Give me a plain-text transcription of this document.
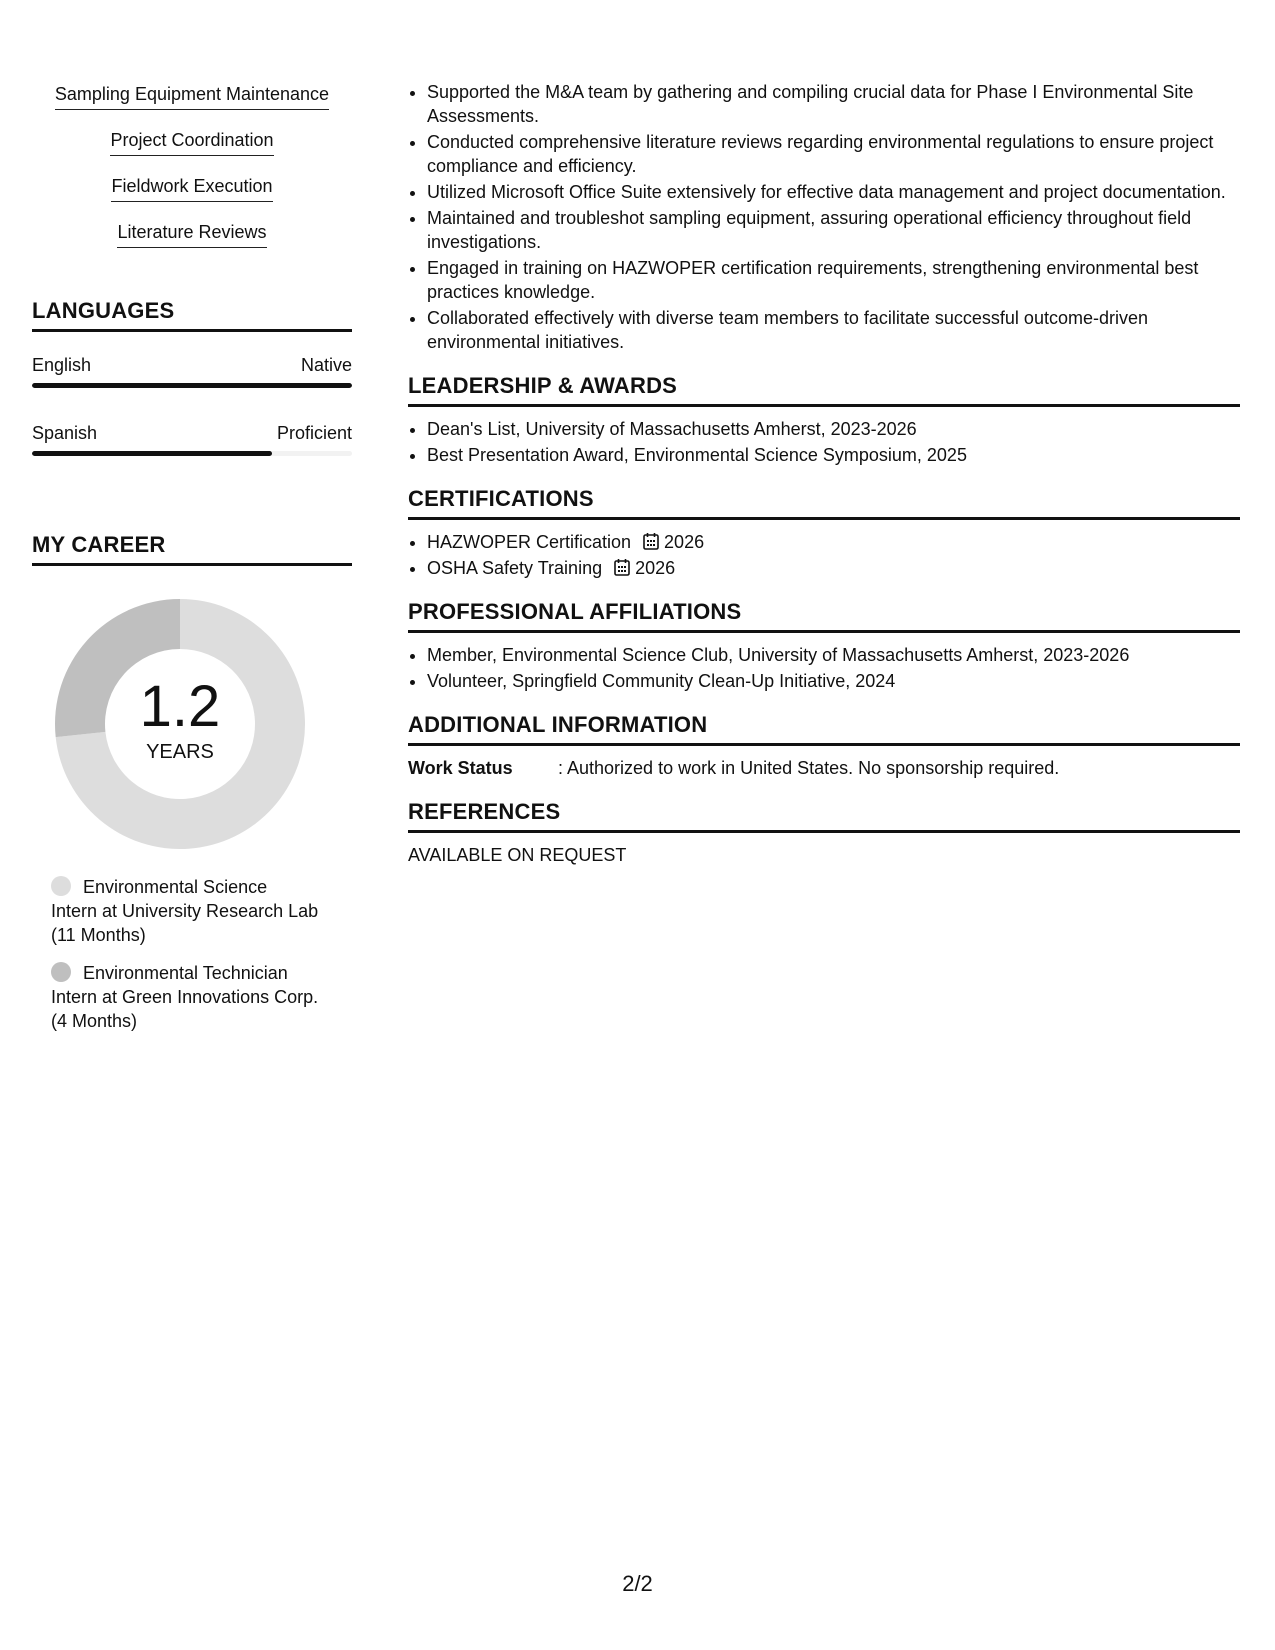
Sampling Equipment Maintenance
Project Coordination
Fieldwork Execution
Literature Reviews
LANGUAGES
English	Native
Spanish	Proficient
MY CAREER
1.2
YEARS
Environmental Science
Intern at University Research Lab
(11 Months)
Environmental Technician
Intern at Green Innovations Corp.
(4 Months)
• Supported the M&A team by gathering and compiling crucial data for Phase I Environmental Site Assessments.
• Conducted comprehensive literature reviews regarding environmental regulations to ensure project compliance and efficiency.
• Utilized Microsoft Office Suite extensively for effective data management and project documentation.
• Maintained and troubleshot sampling equipment, assuring operational efficiency throughout field investigations.
• Engaged in training on HAZWOPER certification requirements, strengthening environmental best practices knowledge.
• Collaborated effectively with diverse team members to facilitate successful outcome-driven environmental initiatives.
LEADERSHIP & AWARDS
• Dean's List, University of Massachusetts Amherst, 2023-2026
• Best Presentation Award, Environmental Science Symposium, 2025
CERTIFICATIONS
• HAZWOPER Certification 2026
• OSHA Safety Training 2026
PROFESSIONAL AFFILIATIONS
• Member, Environmental Science Club, University of Massachusetts Amherst, 2023-2026
• Volunteer, Springfield Community Clean-Up Initiative, 2024
ADDITIONAL INFORMATION
Work Status	: Authorized to work in United States. No sponsorship required.
REFERENCES
AVAILABLE ON REQUEST
2/2
